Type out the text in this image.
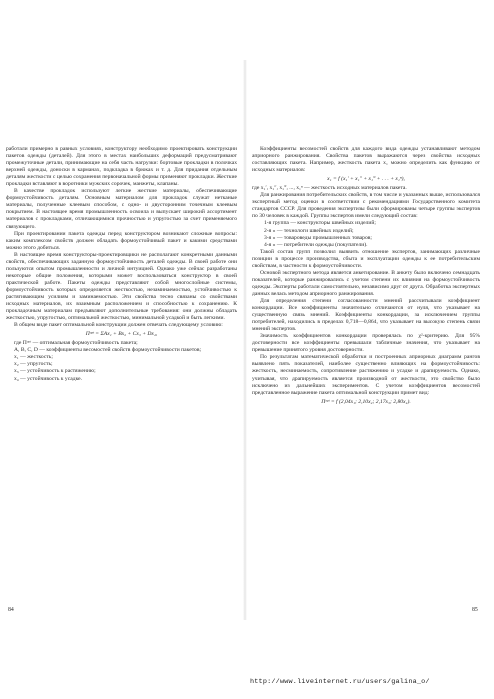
работали примерно в равных условиях, конструктору необходимо проектировать конструкции пакетов одежды (деталей). Для этого в местах наибольших деформаций предусматривают промежуточные детали, принимающие на себя часть нагрузки: бортовые прокладки в полочках верхней одежды, доноски в карманах, подкладка в брюках и т. д. Для придания отдельным деталям жесткости с целью сохранения первоначальной формы применяют прокладки. Жесткие прокладки вставляют в воротники мужских сорочек, манжеты, клапаны.

В качестве прокладок используют легкие жесткие материалы, обеспечивающие формоустойчивость деталям. Основным материалом для прокладок служат нетканые материалы, полученные клеевым способом, с одно- и двусторонним точечным клеевым покрытием. В настоящее время промышленность освоила и выпускает широкий ассортимент материалов с прокладками, отличающимися прочностью и упругостью за счет применяемого связующего.

При проектировании пакета одежды перед конструктором возникают сложные вопросы: каким комплексом свойств должен обладать формоустойчивый пакет и какими средствами можно этого добиться.

В настоящее время конструкторы-проектировщики не располагают конкретными данными свойств, обеспечивающих заданную формоустойчивость деталей одежды. В своей работе они пользуются опытом промышленности и личной интуицией. Однако уже сейчас разработаны некоторые общие положения, которыми может воспользоваться конструктор в своей практической работе. Пакеты одежды представляют собой многослойные системы, формоустойчивость которых определяется жесткостью, незаминаемостью, устойчивостью к растягивающим усилиям и заминаемостью. Эти свойства тесно связаны со свойствами исходных материалов, их взаимным расположением и способностью к сохранению. К прокладочным материалам предъявляют дополнительные требования: они должны обладать жесткостью, упругостью, оптимальной жесткостью, минимальной усадкой и быть легкими.

В общем виде пакет оптимальной конструкции должен отвечать следующему условию:

Пᵒᵖᵗ = ΣAx₁ + Bx₂ + Cx₃ + Dx₄,

где Пᵒᵖᵗ — оптимальная формоустойчивость пакета;
A, B, C, D — коэффициенты весомостей свойств формоустойчивости пакетов;
x₁ — жесткость;
x₂ — упругость;
x₃ — устойчивость к растяжению;
x₄ — устойчивость к усадке.
84

Коэффициенты весомостей свойств для каждого вида одежды устанавливают методом априорного ранжирования. Свойства пакетов выражаются через свойства исходных составляющих пакета. Например, жесткость пакета x₁ можно определить как функцию от исходных материалов:

x₁ = f (x₁′ + x₁″ + x₁‴ + . . . + x₁ⁿ),

где x₁′, x₁″, x₁‴, ..., x₁ⁿ — жесткость исходных материалов пакета.

Для ранжирования потребительских свойств, в том числе и указанных выше, использовался экспертный метод оценки в соответствии с рекомендациями Государственного комитета стандартов СССР. Для проведения экспертизы были сформированы четыре группы экспертов по 30 человек в каждой. Группы экспертов имели следующий состав:

1-я группа — конструкторы швейных изделий;
2-я » — технологи швейных изделий;
3-я » — товароведы промышленных товаров;
4-я » — потребители одежды (покупатели).

Такой состав групп позволил выявить отношение экспертов, занимающих различные позиции в процессе производства, сбыта и эксплуатации одежды к ее потребительским свойствам, в частности к формоустойчивости.

Основой экспертного метода является анкетирование. В анкету было включено семнадцать показателей, которые ранжировались с учетом степени их влияния на формоустойчивость одежды. Эксперты работали самостоятельно, независимо друг от друга. Обработка экспертных данных велась методом априорного ранжирования.

Для определения степени согласованности мнений рассчитывали коэффициент конкордации. Все коэффициенты значительно отличаются от нуля, что указывает на существенную связь мнений. Коэффициенты конкордации, за исключением группы потребителей, находились в пределах 0,718—0,864, что указывает на высокую степень связи мнений экспертов.

Значимость коэффициентов конкордации проверялась по χ²-критерию. Для 95% достоверности все коэффициенты превышали табличные значения, что указывает на превышение принятого уровня достоверности.

По результатам математической обработки и построенных априорных диаграмм рангов выявлено пять показателей, наиболее существенно влияющих на формоустойчивость: жесткость, несминаемость, сопротивление растяжению и усадке и драпируемость. Однако, учитывая, что драпируемость является производной от жесткости, это свойство было исключено из дальнейших экспериментов. С учетом коэффициентов весомостей представленное выражение пакета оптимальной конструкции примет вид:

Пᵒᵖᵗ = f (2,04x₁; 2,10x₂; 2,17x₃; 2,80x₄).

85
http://www.liveinternet.ru/users/galina_o/
